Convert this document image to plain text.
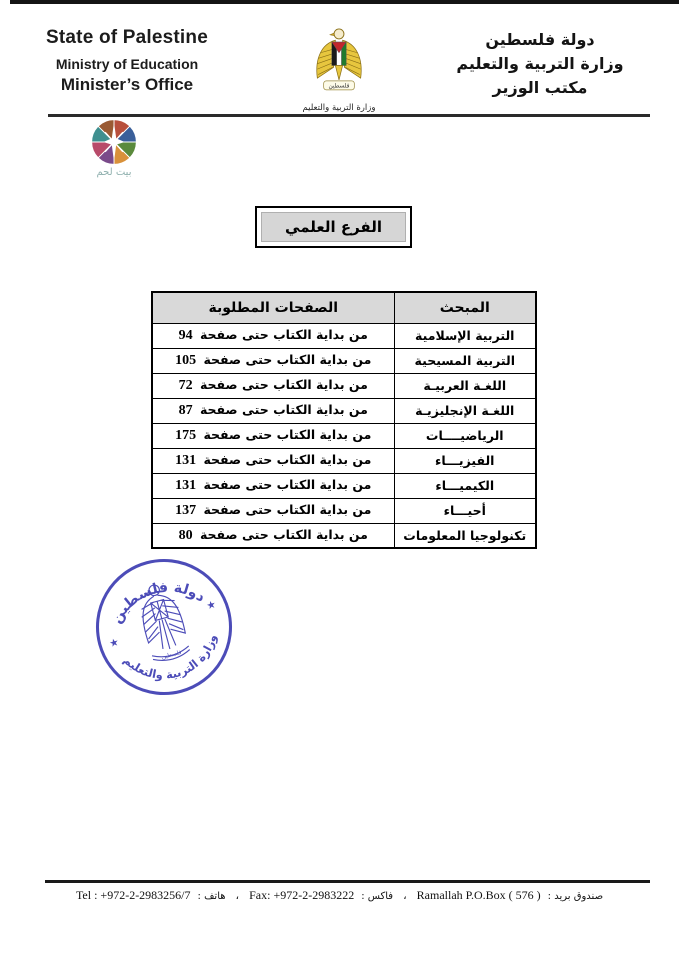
State of Palestine
Ministry of Education
Minister’s Office	فلسطين
وزارة التربية والتعليم
دولة فلسطين
وزارة التربية والتعليم
مكتب الوزير
بيت لحم
الفرع العلمي
المبحث	الصفحات المطلوبة
التربية الإسلامية	من بداية الكتاب حتى صفحة 94
التربية المسيحية	من بداية الكتاب حتى صفحة 105
اللغـة العربيـة	من بداية الكتاب حتى صفحة 72
اللغـة الإنجليزيـة	من بداية الكتاب حتى صفحة 87
الرياضيــــات	من بداية الكتاب حتى صفحة 175
الفيزيـــاء	من بداية الكتاب حتى صفحة 131
الكيميـــاء	من بداية الكتاب حتى صفحة 131
أحيـــاء	من بداية الكتاب حتى صفحة 137
تكنولوجيا المعلومات	من بداية الكتاب حتى صفحة 80
دولة فلسطين
وزارة التربية والتعليم
★
★
فلسطين
Tel : +972-2-2983256/7 هاتف : ، Fax: +972-2-2983222 فاكس : ، Ramallah P.O.Box ( 576 ) صندوق بريد :
